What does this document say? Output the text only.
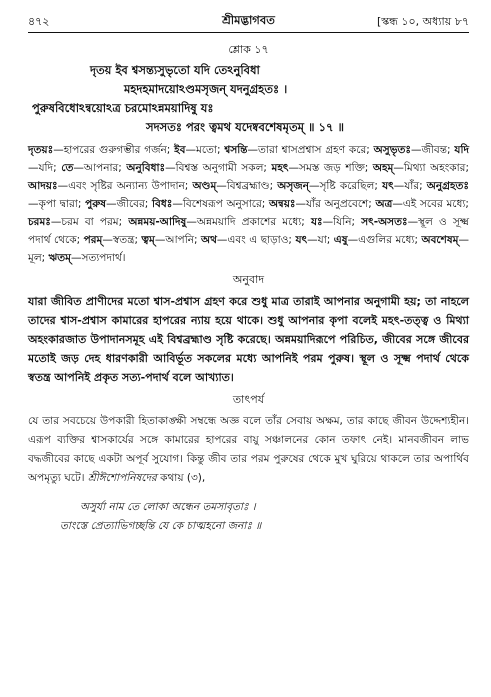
৪৭২	শ্রীমদ্ভাগবত	[স্কন্ধ ১০, অধ্যায় ৮৭
শ্লোক ১৭
দৃতয় ইব শ্বসন্ত্যসুভৃতো যদি তেঽনুবিধা
মহদহমাদয়োঽণ্ডমসৃজন্ যদনুগ্রহতঃ ।
পুরুষবিধোঽন্বয়োঽত্র চরমোঽন্নময়াদিষু যঃ
সদসতঃ পরং ত্বমথ যদেষ্ববশেষমৃতম্ ॥ ১৭ ॥
দৃতয়ঃ—হাপরের গুরুগম্ভীর গর্জন; ইব—মতো; শ্বসন্তি—তারা শ্বাসপ্রশ্বাস গ্রহণ করে; অসুভৃতঃ—জীবন্ত; যদি—যদি; তে—আপনার; অনুবিধাঃ—বিশ্বস্ত অনুগামী সকল; মহৎ—সমস্ত জড় শক্তি; অহম্—মিথ্যা অহংকার; আদয়ঃ—এবং সৃষ্টির অন্যান্য উপাদান; অণ্ডম্—বিশ্বব্রহ্মাণ্ড; অসৃজন্—সৃষ্টি করেছিল; যৎ—যাঁর; অনুগ্রহতঃ—কৃপা দ্বারা; পুরুষ—জীবের; বিধঃ—বিশেষরূপ অনুসারে; অন্বয়ঃ—যাঁর অনুপ্রবেশে; অত্র—এই সবের মধ্যে; চরমঃ—চরম বা পরম; অন্নময়-আদিষু—অন্নময়াদি প্রকাশের মধ্যে; যঃ—যিনি; সৎ-অসতঃ—স্থূল ও সূক্ষ্ম পদার্থ থেকে; পরম্—স্বতন্ত্র; ত্বম্—আপনি; অথ—এবং এ ছাড়াও; যৎ—যা; এষু—এগুলির মধ্যে; অবশেষম্—মূল; ঋতম্—সত্যপদার্থ।
অনুবাদ
যারা জীবিত প্রাণীদের মতো শ্বাস-প্রশ্বাস গ্রহণ করে শুধু মাত্র তারাই আপনার অনুগামী হয়; তা নাহলে তাদের শ্বাস-প্রশ্বাস কামারের হাপরের ন্যায় হয়ে থাকে। শুধু আপনার কৃপা বলেই মহৎ-তত্ত্ব ও মিথ্যা অহংকারজাত উপাদানসমূহ এই বিশ্বব্রহ্মাণ্ড সৃষ্টি করেছে। অন্নময়াদিরূপে পরিচিত, জীবের সঙ্গে জীবের মতোই জড় দেহ ধারণকারী আবির্ভূত সকলের মধ্যে আপনিই পরম পুরুষ। স্থূল ও সূক্ষ্ম পদার্থ থেকে স্বতন্ত্র আপনিই প্রকৃত সত্য-পদার্থ বলে আখ্যাত।
তাৎপর্য
যে তার সবচেয়ে উপকারী হিতাকাঙ্ক্ষী সম্বন্ধে অজ্ঞ বলে তাঁর সেবায় অক্ষম, তার কাছে জীবন উদ্দেশ্যহীন। এরূপ ব্যক্তির শ্বাসকার্যের সঙ্গে কামারের হাপরের বায়ু সঞ্চালনের কোন তফাৎ নেই। মানবজীবন লাভ বদ্ধজীবের কাছে একটা অপূর্ব সুযোগ। কিন্তু জীব তার পরম পুরুষের থেকে মুখ ঘুরিয়ে থাকলে তার অপার্থিব অপমৃত্যু ঘটে। শ্রীঈশোপনিষদের কথায় (৩),
অসুর্যা নাম তে লোকা অন্ধেন তমসাবৃতাঃ ।
তাংস্তে প্রেত্যাভিগচ্ছন্তি যে কে চাত্মহনো জনাঃ ॥
